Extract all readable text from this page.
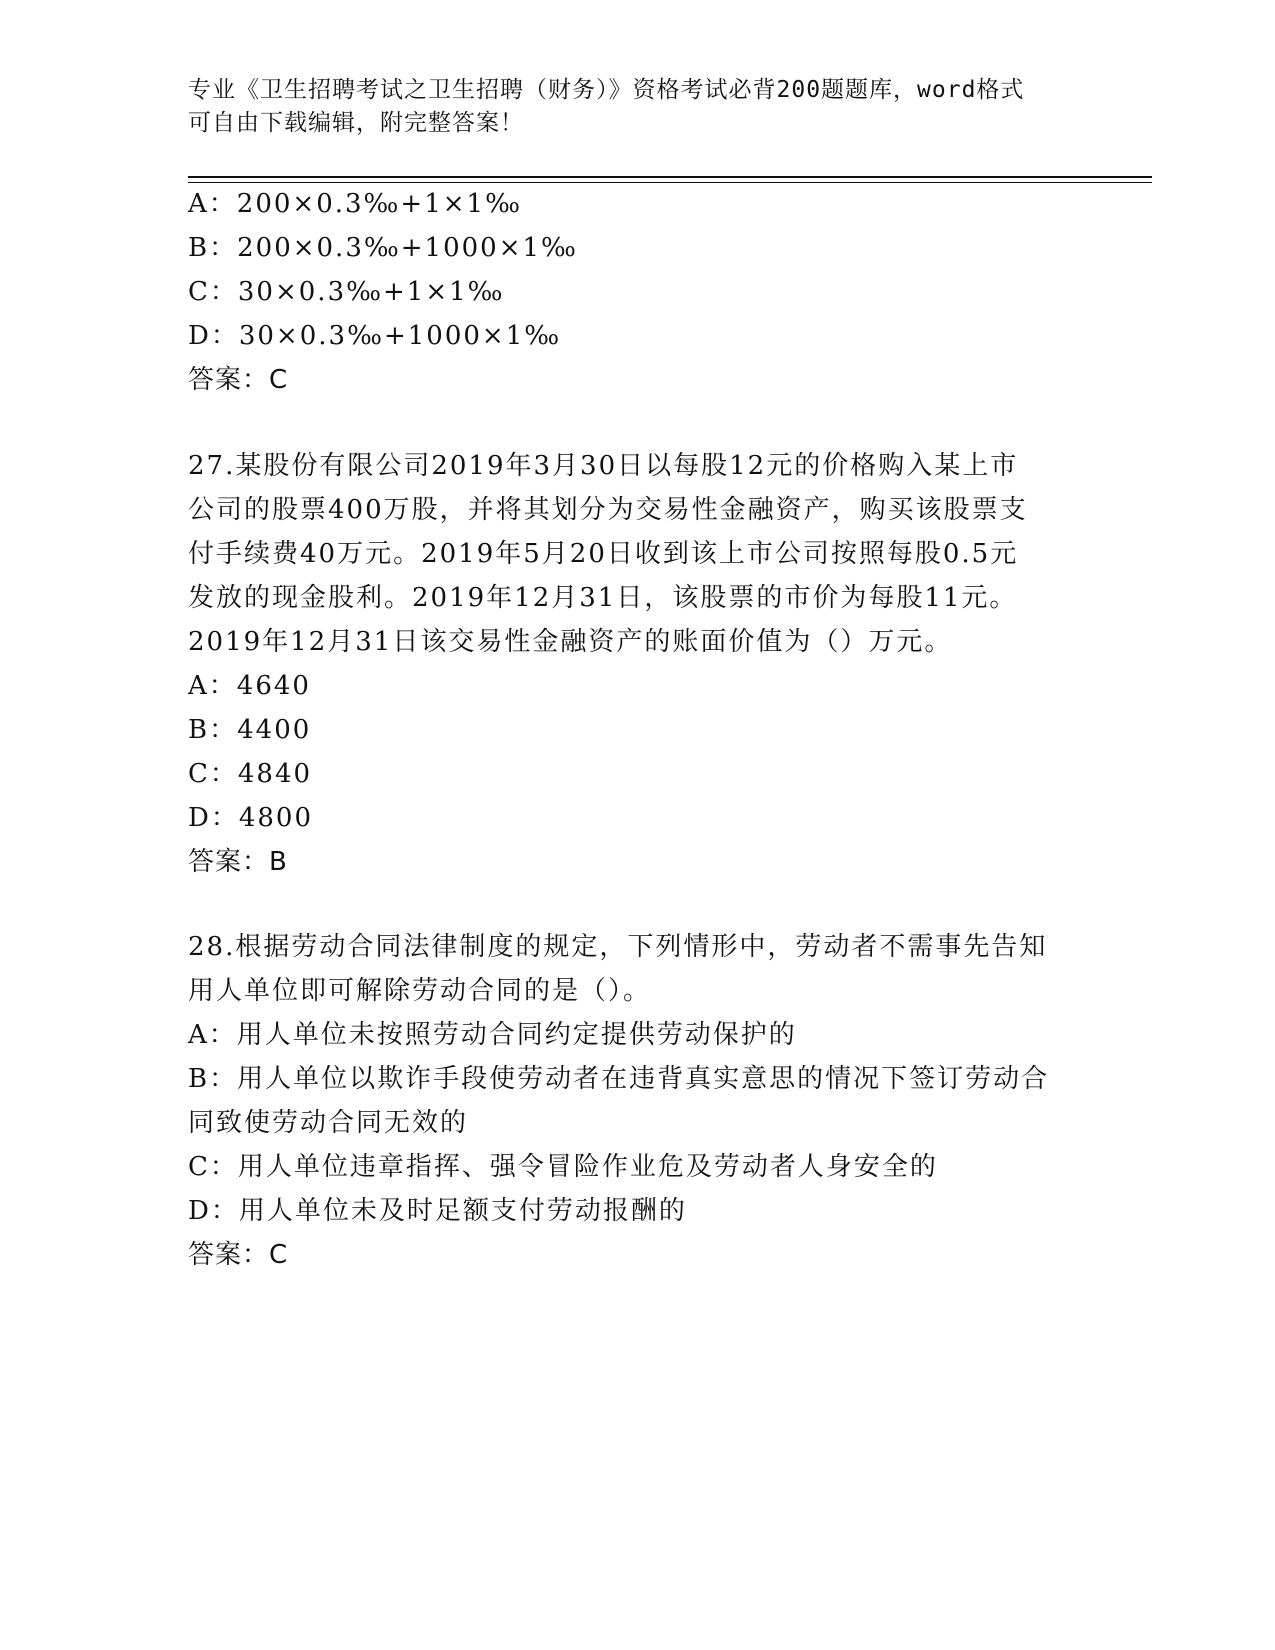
专业《卫生招聘考试之卫生招聘（财务）》资格考试必背200题题库，word格式
可自由下载编辑，附完整答案！
A：200×0.3‰+1×1‰
B：200×0.3‰+1000×1‰
C：30×0.3‰+1×1‰
D：30×0.3‰+1000×1‰
答案：C
27.某股份有限公司2019年3月30日以每股12元的价格购入某上市
公司的股票400万股，并将其划分为交易性金融资产，购买该股票支
付手续费40万元。2019年5月20日收到该上市公司按照每股0.5元
发放的现金股利。2019年12月31日，该股票的市价为每股11元。
2019年12月31日该交易性金融资产的账面价值为（）万元。
A：4640
B：4400
C：4840
D：4800
答案：B
28.根据劳动合同法律制度的规定，下列情形中，劳动者不需事先告知
用人单位即可解除劳动合同的是（）。
A：用人单位未按照劳动合同约定提供劳动保护的
B：用人单位以欺诈手段使劳动者在违背真实意思的情况下签订劳动合
同致使劳动合同无效的
C：用人单位违章指挥、强令冒险作业危及劳动者人身安全的
D：用人单位未及时足额支付劳动报酬的
答案：C
